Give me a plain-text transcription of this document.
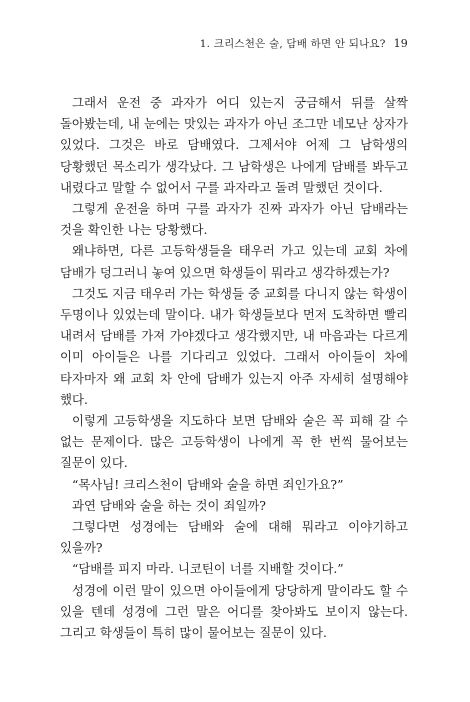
1. 크리스천은 술, 담배 하면 안 되나요? 19

그래서 운전 중 과자가 어디 있는지 궁금해서 뒤를 살짝 돌아봤는데, 내 눈에는 맛있는 과자가 아닌 조그만 네모난 상자가 있었다. 그것은 바로 담배였다. 그제서야 어제 그 남학생의 당황했던 목소리가 생각났다. 그 남학생은 나에게 담배를 봐두고 내렸다고 말할 수 없어서 구를 과자라고 돌려 말했던 것이다.

그렇게 운전을 하며 구를 과자가 진짜 과자가 아닌 담배라는 것을 확인한 나는 당황했다.

왜냐하면, 다른 고등학생들을 태우러 가고 있는데 교회 차에 담배가 덩그러니 놓여 있으면 학생들이 뭐라고 생각하겠는가?

그것도 지금 태우러 가는 학생들 중 교회를 다니지 않는 학생이 두명이나 있었는데 말이다. 내가 학생들보다 먼저 도착하면 빨리 내려서 담배를 가져 가야겠다고 생각했지만, 내 마음과는 다르게 이미 아이들은 나를 기다리고 있었다. 그래서 아이들이 차에 타자마자 왜 교회 차 안에 담배가 있는지 아주 자세히 설명해야 했다.

이렇게 고등학생을 지도하다 보면 담배와 술은 꼭 피해 갈 수 없는 문제이다. 많은 고등학생이 나에게 꼭 한 번씩 물어보는 질문이 있다.

“목사님! 크리스천이 담배와 술을 하면 죄인가요?”

과연 담배와 술을 하는 것이 죄일까?

그렇다면 성경에는 담배와 술에 대해 뭐라고 이야기하고 있을까?

“담배를 피지 마라. 니코틴이 너를 지배할 것이다.”

성경에 이런 말이 있으면 아이들에게 당당하게 말이라도 할 수 있을 텐데 성경에 그런 말은 어디를 찾아봐도 보이지 않는다. 그리고 학생들이 특히 많이 물어보는 질문이 있다.
